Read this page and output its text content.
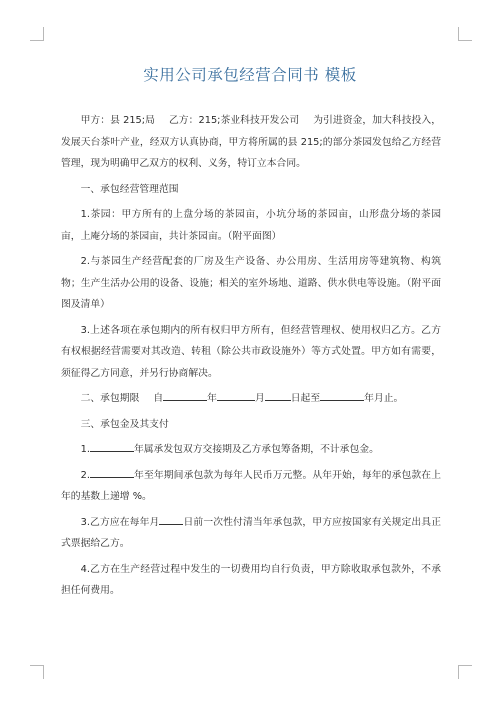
实用公司承包经营合同书 模板

甲方：县 215;局 乙方：215;茶业科技开发公司 为引进资金，加大科技投入，发展天台茶叶产业，经双方认真协商，甲方将所属的县 215;的部分茶园发包给乙方经营管理，现为明确甲乙双方的权利、义务，特订立本合同。

一、承包经营管理范围

1.茶园：甲方所有的上盘分场的茶园亩，小坑分场的茶园亩，山形盘分场的茶园亩，上庵分场的茶园亩，共计茶园亩。（附平面图）

2.与茶园生产经营配套的厂房及生产设备、办公用房、生活用房等建筑物、构筑物；生产生活办公用的设备、设施；相关的室外场地、道路、供水供电等设施。（附平面图及清单）

3.上述各项在承包期内的所有权归甲方所有，但经营管理权、使用权归乙方。乙方有权根据经营需要对其改造、转租（除公共市政设施外）等方式处置。甲方如有需要，须征得乙方同意，并另行协商解决。

二、承包期限 自	年	月	日起至	年月止。

三、承包金及其支付

1.	年属承发包双方交接期及乙方承包筹备期，不计承包金。

2.	年至年期间承包款为每年人民币万元整。从年开始，每年的承包款在上年的基数上递增 %。

3.乙方应在每年月 日前一次性付清当年承包款，甲方应按国家有关规定出具正式票据给乙方。

4.乙方在生产经营过程中发生的一切费用均自行负责，甲方除收取承包款外，不承担任何费用。
